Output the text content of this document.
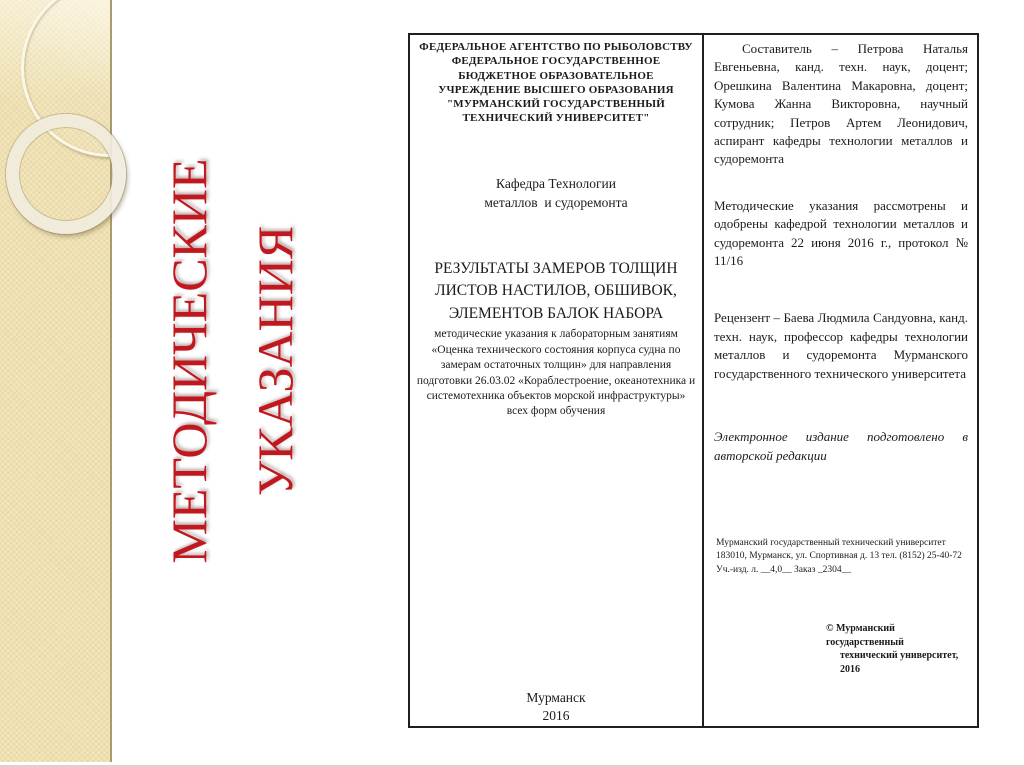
МЕТОДИЧЕСКИЕ УКАЗАНИЯ
ФЕДЕРАЛЬНОЕ АГЕНТСТВО ПО РЫБОЛОВСТВУ
ФЕДЕРАЛЬНОЕ ГОСУДАРСТВЕННОЕ
БЮДЖЕТНОЕ ОБРАЗОВАТЕЛЬНОЕ
УЧРЕЖДЕНИЕ ВЫСШЕГО ОБРАЗОВАНИЯ
"МУРМАНСКИЙ ГОСУДАРСТВЕННЫЙ
ТЕХНИЧЕСКИЙ УНИВЕРСИТЕТ"
Кафедра Технологии
металлов  и судоремонта
РЕЗУЛЬТАТЫ ЗАМЕРОВ ТОЛЩИН
ЛИСТОВ НАСТИЛОВ, ОБШИВОК,
ЭЛЕМЕНТОВ БАЛОК НАБОРА
методические указания к лабораторным занятиям «Оценка технического состояния корпуса судна по замерам остаточных толщин» для направления подготовки 26.03.02 «Кораблестроение, океанотехника и системотехника объектов морской инфраструктуры» всех форм обучения
Мурманск
2016

Составитель – Петрова Наталья Евгеньевна, канд. техн. наук, доцент; Орешкина Валентина Макаровна, доцент; Кумова Жанна Викторовна, научный сотрудник; Петров Артем Леонидович, аспирант кафедры технологии металлов и судоремонта

Методические указания рассмотрены и одобрены кафедрой технологии металлов и судоремонта 22 июня 2016 г., протокол № 11/16

Рецензент – Баева Людмила Сандуовна, канд. техн. наук, профессор кафедры технологии металлов и судоремонта Мурманского государственного технического университета

Электронное издание подготовлено в авторской редакции

Мурманский государственный технический университет
183010, Мурманск, ул. Спортивная д. 13 тел. (8152) 25-40-72
Уч.-изд. л. __4,0__ Заказ _2304__
© Мурманский государственный
технический университет, 2016
